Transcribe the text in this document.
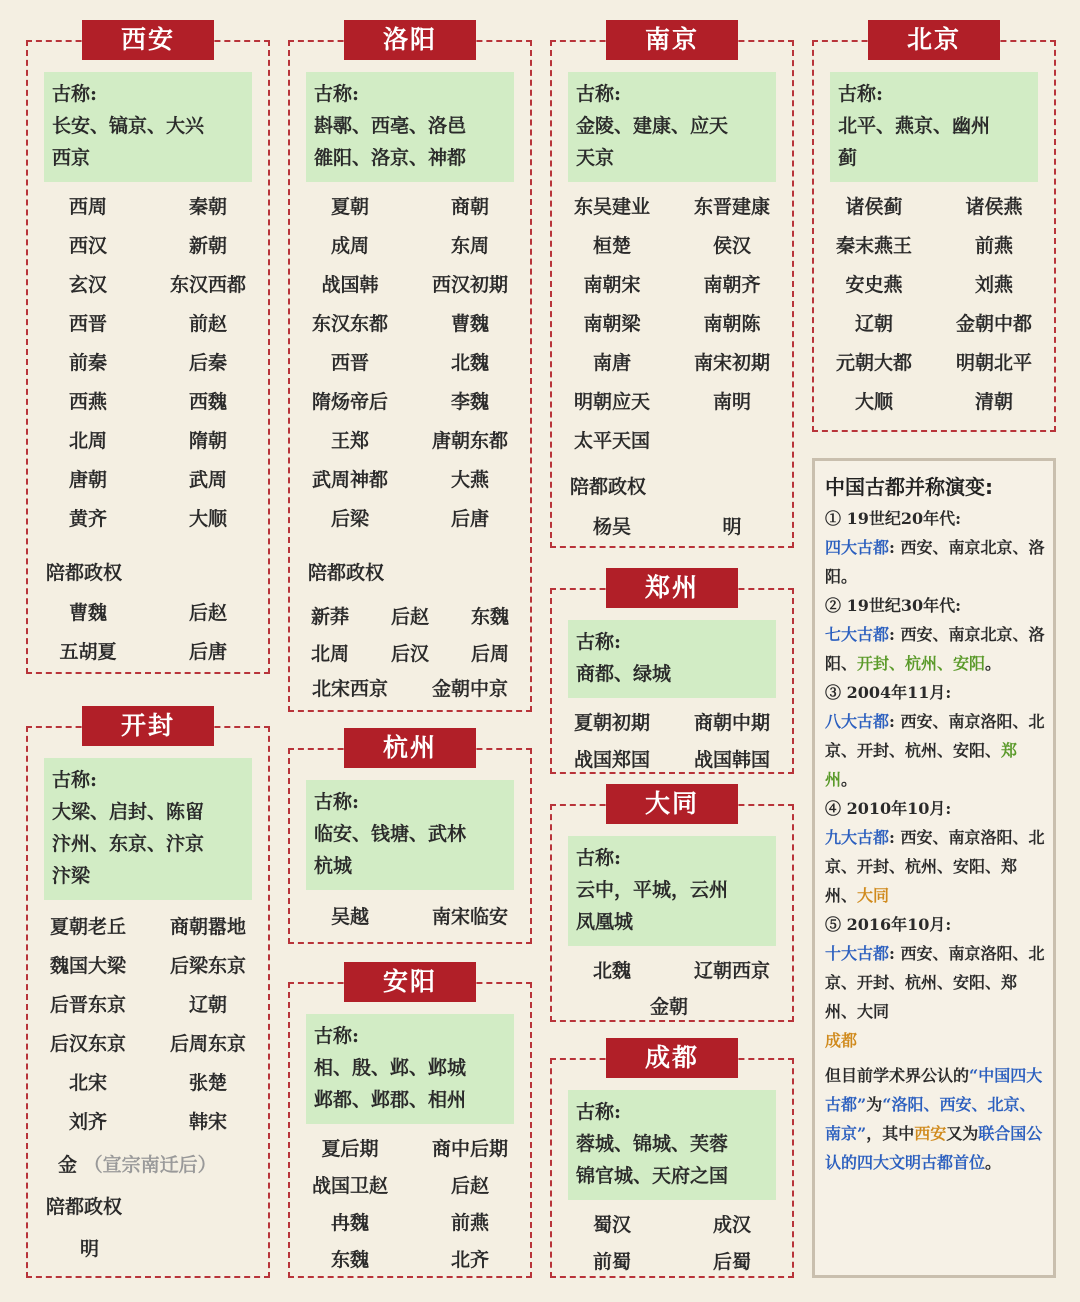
西安
古称:
长安、镐京、大兴
西京
西周	秦朝
西汉	新朝
玄汉	东汉西都
西晋	前赵
前秦	后秦
西燕	西魏
北周	隋朝
唐朝	武周
黄齐	大顺
陪都政权
曹魏	后赵
五胡夏	后唐
洛阳
古称:
斟鄩、西亳、洛邑
雒阳、洛京、神都
夏朝	商朝
成周	东周
战国韩	西汉初期
东汉东都	曹魏
西晋	北魏
隋炀帝后	李魏
王郑	唐朝东都
武周神都	大燕
后梁	后唐
陪都政权
新莽	后赵	东魏
北周	后汉	后周
北宋西京	金朝中京
南京
古称:
金陵、建康、应天
天京
东吴建业	东晋建康
桓楚	侯汉
南朝宋	南朝齐
南朝梁	南朝陈
南唐	南宋初期
明朝应天	南明
太平天国
陪都政权
杨吴	明
北京
古称:
北平、燕京、幽州
蓟
诸侯蓟	诸侯燕
秦末燕王	前燕
安史燕	刘燕
辽朝	金朝中都
元朝大都	明朝北平
大顺	清朝
开封
古称:
大梁、启封、陈留
汴州、东京、汴京
汴梁
夏朝老丘	商朝嚣地
魏国大梁	后梁东京
后晋东京	辽朝
后汉东京	后周东京
北宋	张楚
刘齐	韩宋
金 （宣宗南迁后）
陪都政权
明
杭州
古称:
临安、钱塘、武林
杭城
吴越	南宋临安
安阳
古称:
相、殷、邺、邺城
邺都、邺郡、相州
夏后期	商中后期
战国卫赵	后赵
冉魏	前燕
东魏	北齐
郑州
古称:
商都、绿城
夏朝初期	商朝中期
战国郑国	战国韩国
大同
古称:
云中，平城，云州
凤凰城
北魏	辽朝西京
金朝
成都
古称:
蓉城、锦城、芙蓉
锦官城、天府之国
蜀汉	成汉
前蜀	后蜀
中国古都并称演变:
① 19世纪20年代:
四大古都: 西安、南京北京、洛阳。
② 19世纪30年代:
七大古都: 西安、南京北京、洛阳、开封、杭州、安阳。
③ 2004年11月:
八大古都: 西安、南京洛阳、北京、开封、杭州、安阳、郑州。
④ 2010年10月:
九大古都: 西安、南京洛阳、北京、开封、杭州、安阳、郑州、大同
⑤ 2016年10月:
十大古都: 西安、南京洛阳、北京、开封、杭州、安阳、郑州、大同
成都
但目前学术界公认的“中国四大古都”为“洛阳、西安、北京、南京”，其中西安又为联合国公认的四大文明古都首位。
